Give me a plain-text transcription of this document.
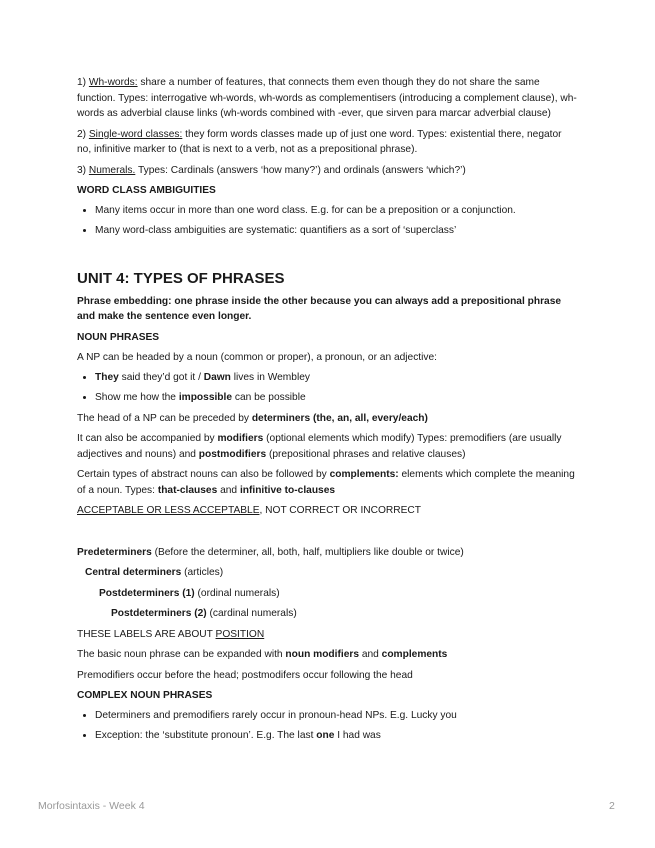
1) Wh-words: share a number of features, that connects them even though they do not share the same function. Types: interrogative wh-words, wh-words as complementisers (introducing a complement clause), wh-words as adverbial clause links (wh-words combined with -ever, que sirven para marcar adverbial clause)

2) Single-word classes: they form words classes made up of just one word. Types: existential there, negator no, infinitive marker to (that is next to a verb, not as a prepositional phrase).

3) Numerals. Types: Cardinals (answers ‘how many?’) and ordinals (answers ‘which?’)

WORD CLASS AMBIGUITIES

• Many items occur in more than one word class. E.g. for can be a preposition or a conjunction.
• Many word-class ambiguities are systematic: quantifiers as a sort of ‘superclass’
UNIT 4: TYPES OF PHRASES

Phrase embedding: one phrase inside the other because you can always add a prepositional phrase and make the sentence even longer.

NOUN PHRASES

A NP can be headed by a noun (common or proper), a pronoun, or an adjective:

• They said they’d got it / Dawn lives in Wembley
• Show me how the impossible can be possible

The head of a NP can be preceded by determiners (the, an, all, every/each)

It can also be accompanied by modifiers (optional elements which modify) Types: premodifiers (are usually adjectives and nouns) and postmodifiers (prepositional phrases and relative clauses)

Certain types of abstract nouns can also be followed by complements: elements which complete the meaning of a noun. Types: that-clauses and infinitive to-clauses

ACCEPTABLE OR LESS ACCEPTABLE, NOT CORRECT OR INCORRECT

Predeterminers (Before the determiner, all, both, half, multipliers like double or twice)

Central determiners (articles)

Postdeterminers (1) (ordinal numerals)

Postdeterminers (2) (cardinal numerals)

THESE LABELS ARE ABOUT POSITION

The basic noun phrase can be expanded with noun modifiers and complements

Premodifiers occur before the head; postmodifers occur following the head

COMPLEX NOUN PHRASES

• Determiners and premodifiers rarely occur in pronoun-head NPs. E.g. Lucky you
• Exception: the ‘substitute pronoun’. E.g. The last one I had was
Morfosintaxis - Week 4	2
